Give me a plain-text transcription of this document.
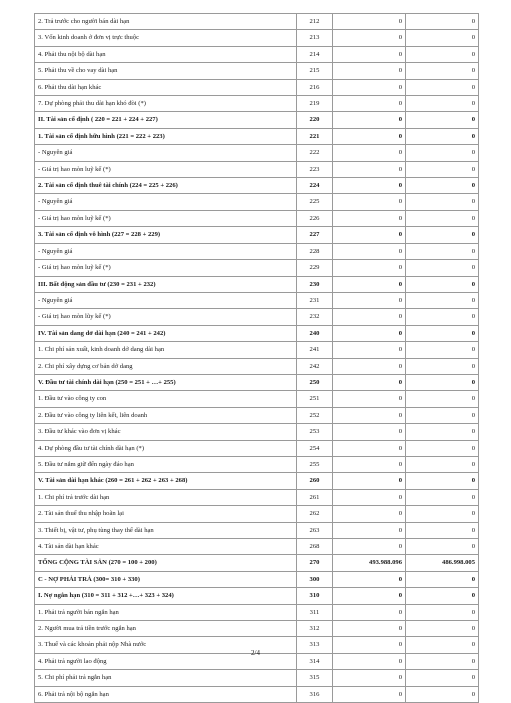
2. Trả trước cho người bán dài hạn	212	0	0
3. Vốn kinh doanh ở đơn vị trực thuộc	213	0	0
4. Phải thu nội bộ dài hạn	214	0	0
5. Phải thu về cho vay dài hạn	215	0	0
6. Phải thu dài hạn khác	216	0	0
7. Dự phòng phải thu dài hạn khó đòi (*)	219	0	0
II. Tài sản cố định ( 220 = 221 + 224 + 227)	220	0	0
1. Tài sản cố định hữu hình (221 = 222 + 223)	221	0	0
- Nguyên giá	222	0	0
- Giá trị hao mòn luỹ kế (*)	223	0	0
2. Tài sản cố định thuê tài chính (224 = 225 + 226)	224	0	0
- Nguyên giá	225	0	0
- Giá trị hao mòn luỹ kế (*)	226	0	0
3. Tài sản cố định vô hình (227 = 228 + 229)	227	0	0
- Nguyên giá	228	0	0
- Giá trị hao mòn luỹ kế (*)	229	0	0
III. Bất động sản đầu tư (230 = 231 + 232)	230	0	0
- Nguyên giá	231	0	0
- Giá trị hao mòn lũy kế (*)	232	0	0
IV. Tài sản dang dở dài hạn (240 = 241 + 242)	240	0	0
1. Chi phí sản xuất, kinh doanh dở dang dài hạn	241	0	0
2. Chi phí xây dựng cơ bản dở dang	242	0	0
V. Đầu tư tài chính dài hạn (250 = 251 + …+ 255)	250	0	0
1. Đầu tư vào công ty con	251	0	0
2. Đầu tư vào công ty liên kết, liên doanh	252	0	0
3. Đầu tư khác vào đơn vị khác	253	0	0
4. Dự phòng đầu tư tài chính dài hạn (*)	254	0	0
5. Đầu tư nắm giữ đến ngày đáo hạn	255	0	0
V. Tài sản dài hạn khác (260 = 261 + 262 + 263 + 268)	260	0	0
1. Chi phí trả trước dài hạn	261	0	0
2. Tài sản thuế thu nhập hoãn lại	262	0	0
3. Thiết bị, vật tư, phụ tùng thay thế dài hạn	263	0	0
4. Tài sản dài hạn khác	268	0	0
TỔNG CỘNG TÀI SẢN (270 = 100 + 200)	270	493.988.096	486.998.005
C - NỢ PHẢI TRẢ (300= 310 + 330)	300	0	0
I. Nợ ngắn hạn (310 = 311 + 312 +…+ 323 + 324)	310	0	0
1. Phải trả người bán ngắn hạn	311	0	0
2. Người mua trả tiền trước ngắn hạn	312	0	0
3. Thuế và các khoản phải nộp Nhà nước	313	0	0
4. Phải trả người lao động	314	0	0
5. Chi phí phải trả ngắn hạn	315	0	0
6. Phải trả nội bộ ngắn hạn	316	0	0
2/4
